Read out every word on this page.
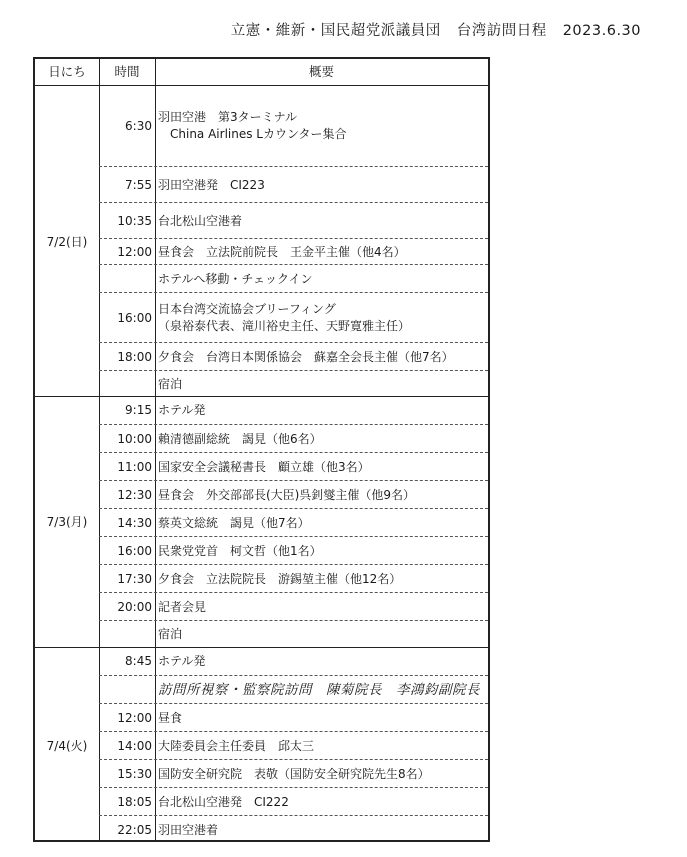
立憲・維新・国民超党派議員団 台湾訪問日程 2023.6.30
日にち	時間	概要
7/2(日)
6:30
羽田空港　第3ターミナル
　China Airlines Lカウンター集合
7:55 羽田空港発　CI223
10:35 台北松山空港着
12:00 昼食会　立法院前院長　王金平主催（他4名）
ホテルへ移動・チェックイン
16:00
日本台湾交流協会ブリーフィング
（泉裕泰代表、滝川裕史主任、天野寛雅主任）
18:00 夕食会　台湾日本関係協会　蘇嘉全会長主催（他7名）
宿泊
7/3(月)
9:15 ホテル発
10:00 賴清德副総統　謁見（他6名）
11:00 国家安全会議秘書長　顧立雄（他3名）
12:30 昼食会　外交部部長(大臣)呉釗燮主催（他9名）
14:30 蔡英文総統　謁見（他7名）
16:00 民衆党党首　柯文哲（他1名）
17:30 夕食会　立法院院長　游錫堃主催（他12名）
20:00 記者会見
宿泊
7/4(火)
8:45 ホテル発
訪問所視察・監察院訪問　陳菊院長　李鴻鈞副院長
12:00 昼食
14:00 大陸委員会主任委員　邱太三
15:30 国防安全研究院　表敬（国防安全研究院先生8名）
18:05 台北松山空港発　CI222
22:05 羽田空港着
